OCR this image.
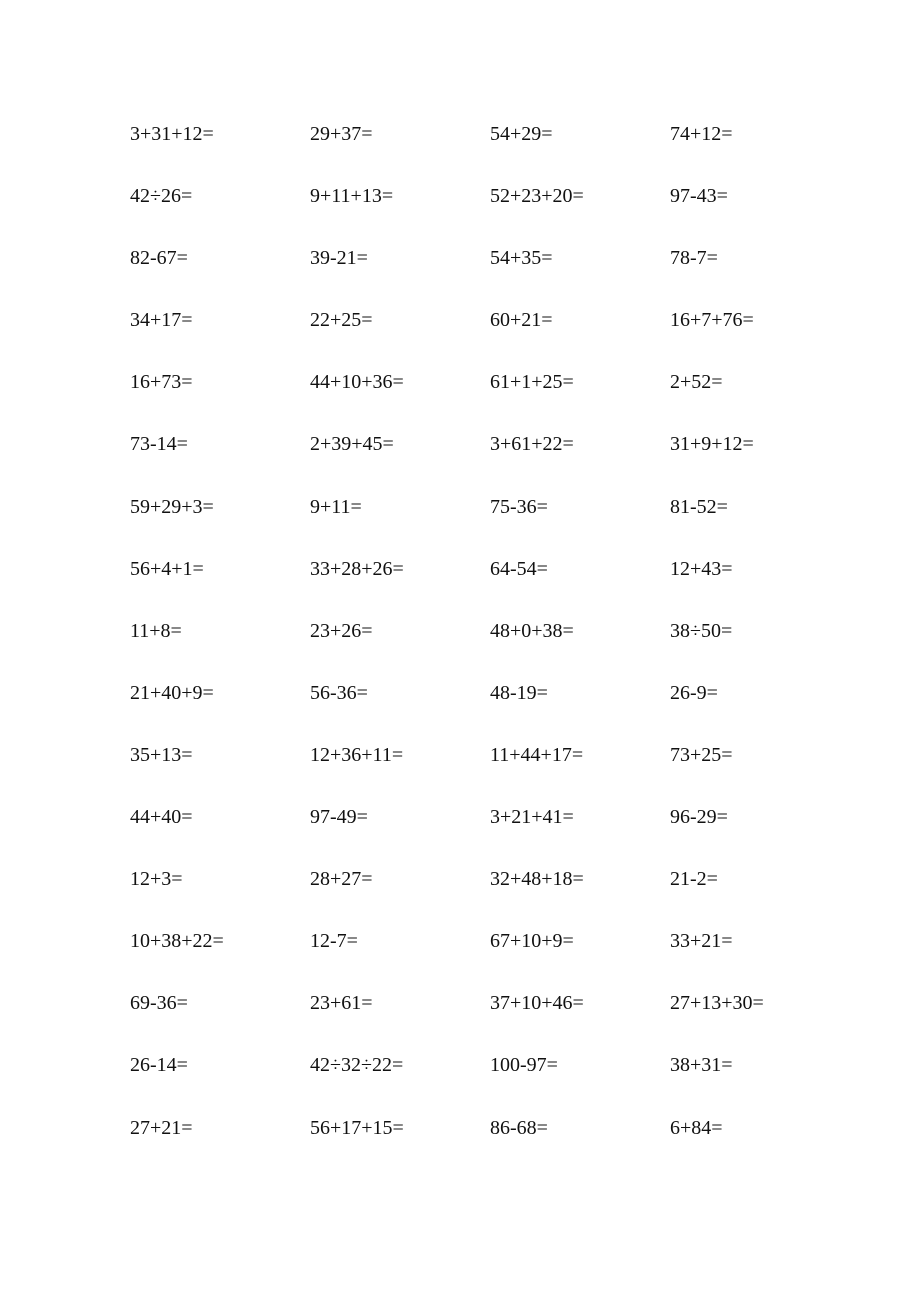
3+31+12=	29+37=	54+29=	74+12=
42÷26=	9+11+13=	52+23+20=	97-43=
82-67=	39-21=	54+35=	78-7=
34+17=	22+25=	60+21=	16+7+76=
16+73=	44+10+36=	61+1+25=	2+52=
73-14=	2+39+45=	3+61+22=	31+9+12=
59+29+3=	9+11=	75-36=	81-52=
56+4+1=	33+28+26=	64-54=	12+43=
11+8=	23+26=	48+0+38=	38÷50=
21+40+9=	56-36=	48-19=	26-9=
35+13=	12+36+11=	11+44+17=	73+25=
44+40=	97-49=	3+21+41=	96-29=
12+3=	28+27=	32+48+18=	21-2=
10+38+22=	12-7=	67+10+9=	33+21=
69-36=	23+61=	37+10+46=	27+13+30=
26-14=	42÷32÷22=	100-97=	38+31=
27+21=	56+17+15=	86-68=	6+84=
